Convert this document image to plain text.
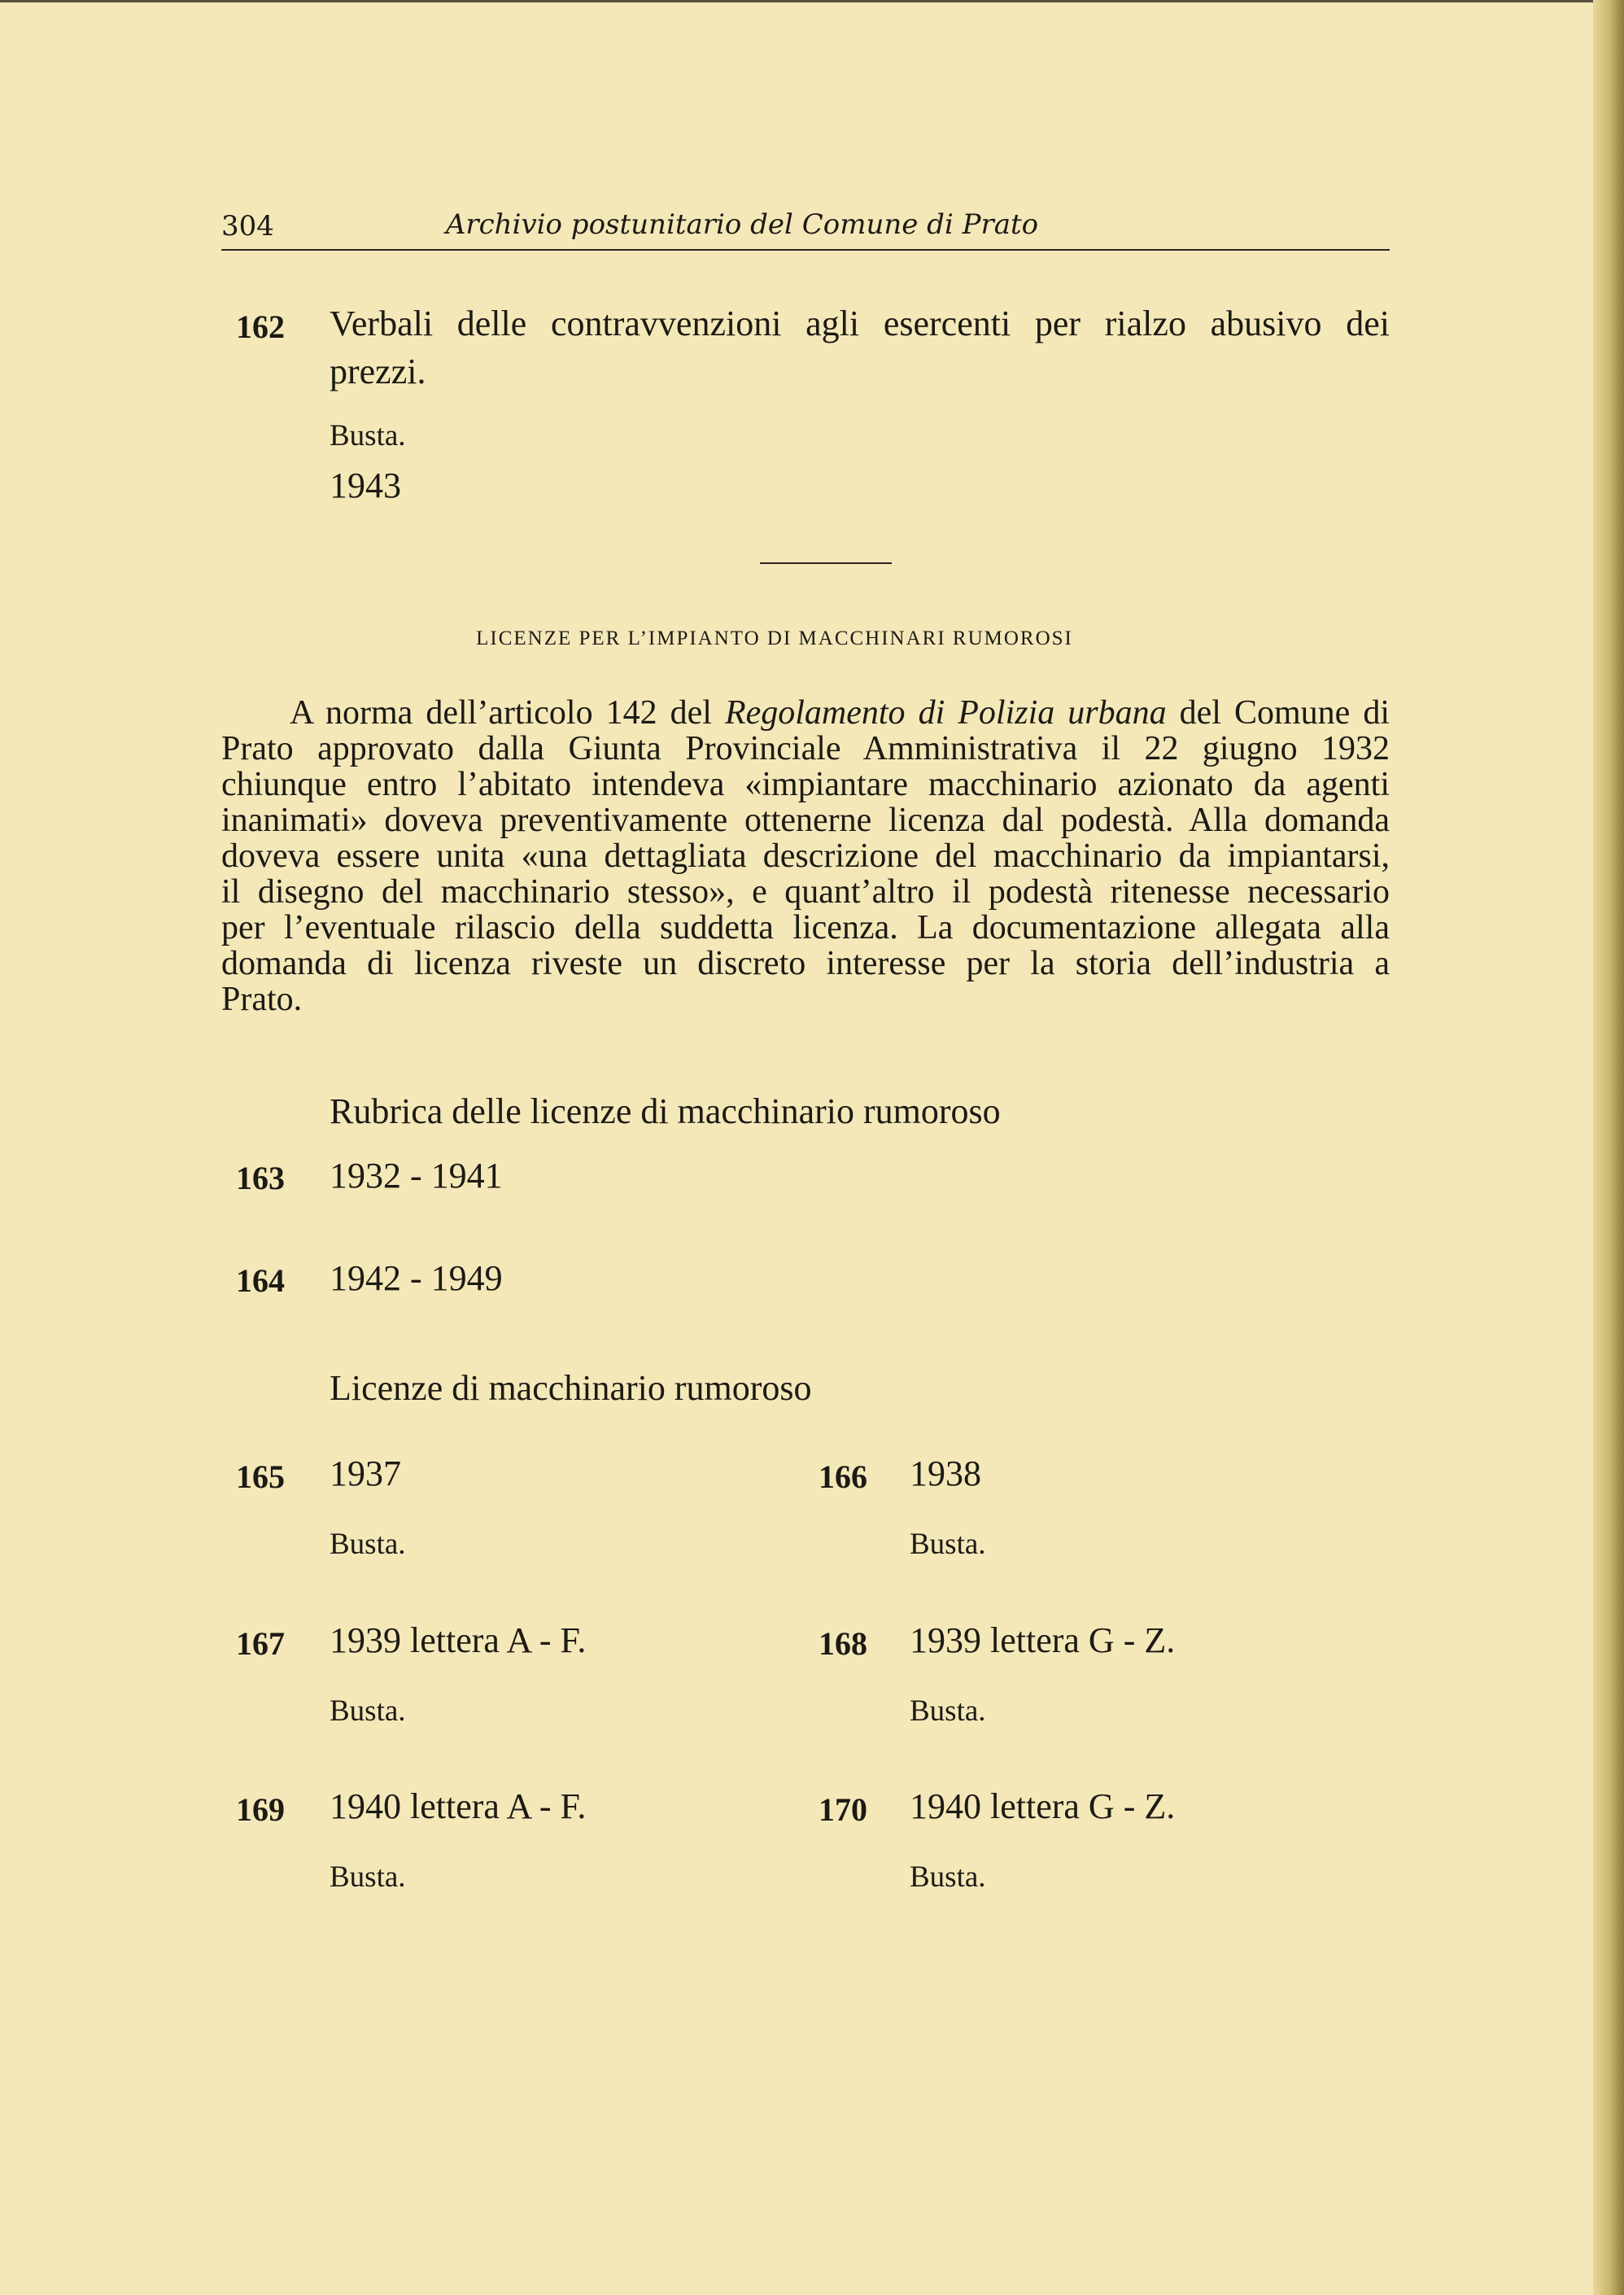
304	Archivio postunitario del Comune di Prato
162 Verbali delle contravvenzioni agli esercenti per rialzo abusivo dei
prezzi.
Busta.
1943
LICENZE PER L’IMPIANTO DI MACCHINARI RUMOROSI
A norma dell’articolo 142 del Regolamento di Polizia urbana del Comune di
Prato approvato dalla Giunta Provinciale Amministrativa il 22 giugno 1932
chiunque entro l’abitato intendeva «impiantare macchinario azionato da agenti
inanimati» doveva preventivamente ottenerne licenza dal podestà. Alla domanda
doveva essere unita «una dettagliata descrizione del macchinario da impiantarsi,
il disegno del macchinario stesso», e quant’altro il podestà ritenesse necessario
per l’eventuale rilascio della suddetta licenza. La documentazione allegata alla
domanda di licenza riveste un discreto interesse per la storia dell’industria a
Prato.
Rubrica delle licenze di macchinario rumoroso
163 1932 - 1941
164 1942 - 1949
Licenze di macchinario rumoroso
165 1937
Busta.
166 1938
Busta.
167 1939 lettera A - F.
Busta.
168 1939 lettera G - Z.
Busta.
169 1940 lettera A - F.
Busta.
170 1940 lettera G - Z.
Busta.
